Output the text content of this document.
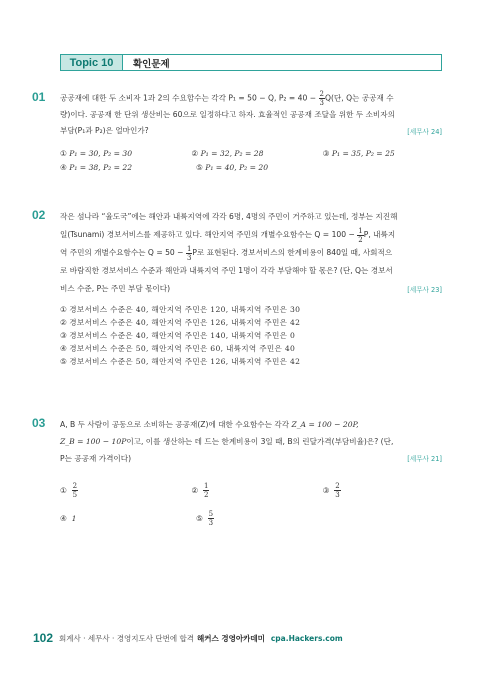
Topic 10	확인문제
01 공공재에 대한 두 소비자 1과 2의 수요함수는 각각 P₁ = 50 − Q, $P_2 = 40 - \frac{2}{3} Q$(단, Q는 공공재 수
량)이다. 공공재 한 단위 생산비는 60으로 일정하다고 하자. 효율적인 공공재 조달을 위한 두 소비자의
부담(P₁과 P₂)은 얼마인가?	[세무사 24]
①
P₁ = 30, P₂ = 30	②
P₁ = 32, P₂ = 28	③
P₁ = 35, P₂ = 25
④
P₁ = 38, P₂ = 22	⑤
P₁ = 40, P₂ = 20
02 작은 섬나라 “율도국”에는 해안과 내륙지역에 각각 6명, 4명의 주민이 거주하고 있는데, 정부는 지진해
일(Tsunami) 경보서비스를 제공하고 있다. 해안지역 주민의 개별수요함수는 $Q = 100 - \frac{1}{2} P$, 내륙지
역 주민의 개별수요함수는 $Q = 50 - \frac{1}{3}$ P로 표현된다. 경보서비스의 한계비용이 840일 때, 사회적으
로 바람직한 경보서비스 수준과 해안과 내륙지역 주민 1명이 각각 부담해야 할 몫은? (단, Q는 경보서
비스 수준, P는 주민 부담 몫이다)	[세무사 23]
①
경보서비스 수준은 40, 해안지역 주민은 120, 내륙지역 주민은 30
②
경보서비스 수준은 40, 해안지역 주민은 126, 내륙지역 주민은 42
③
경보서비스 수준은 40, 해안지역 주민은 140, 내륙지역 주민은 0
④
경보서비스 수준은 50, 해안지역 주민은 60, 내륙지역 주민은 40
⑤
경보서비스 수준은 50, 해안지역 주민은 126, 내륙지역 주민은 42
03 A, B 두 사람이 공동으로 소비하는 공공재(Z)에 대한 수요함수는 각각 Z_A = 100 − 20P,
Z_B = 100 − 10P이고, 이를 생산하는 데 드는 한계비용이 3일 때, B의 린달가격(부담비율)은? (단,
P는 공공재 가격이다)	[세무사 21]
①
$\frac{2}{5}$	②
$\frac{1}{2}$	③
$\frac{2}{3}$
④
1	⑤
$\frac{5}{3}$
102 회계사 · 세무사 · 경영지도사 단번에 합격 해커스 경영아카데미 cpa.Hackers.com
